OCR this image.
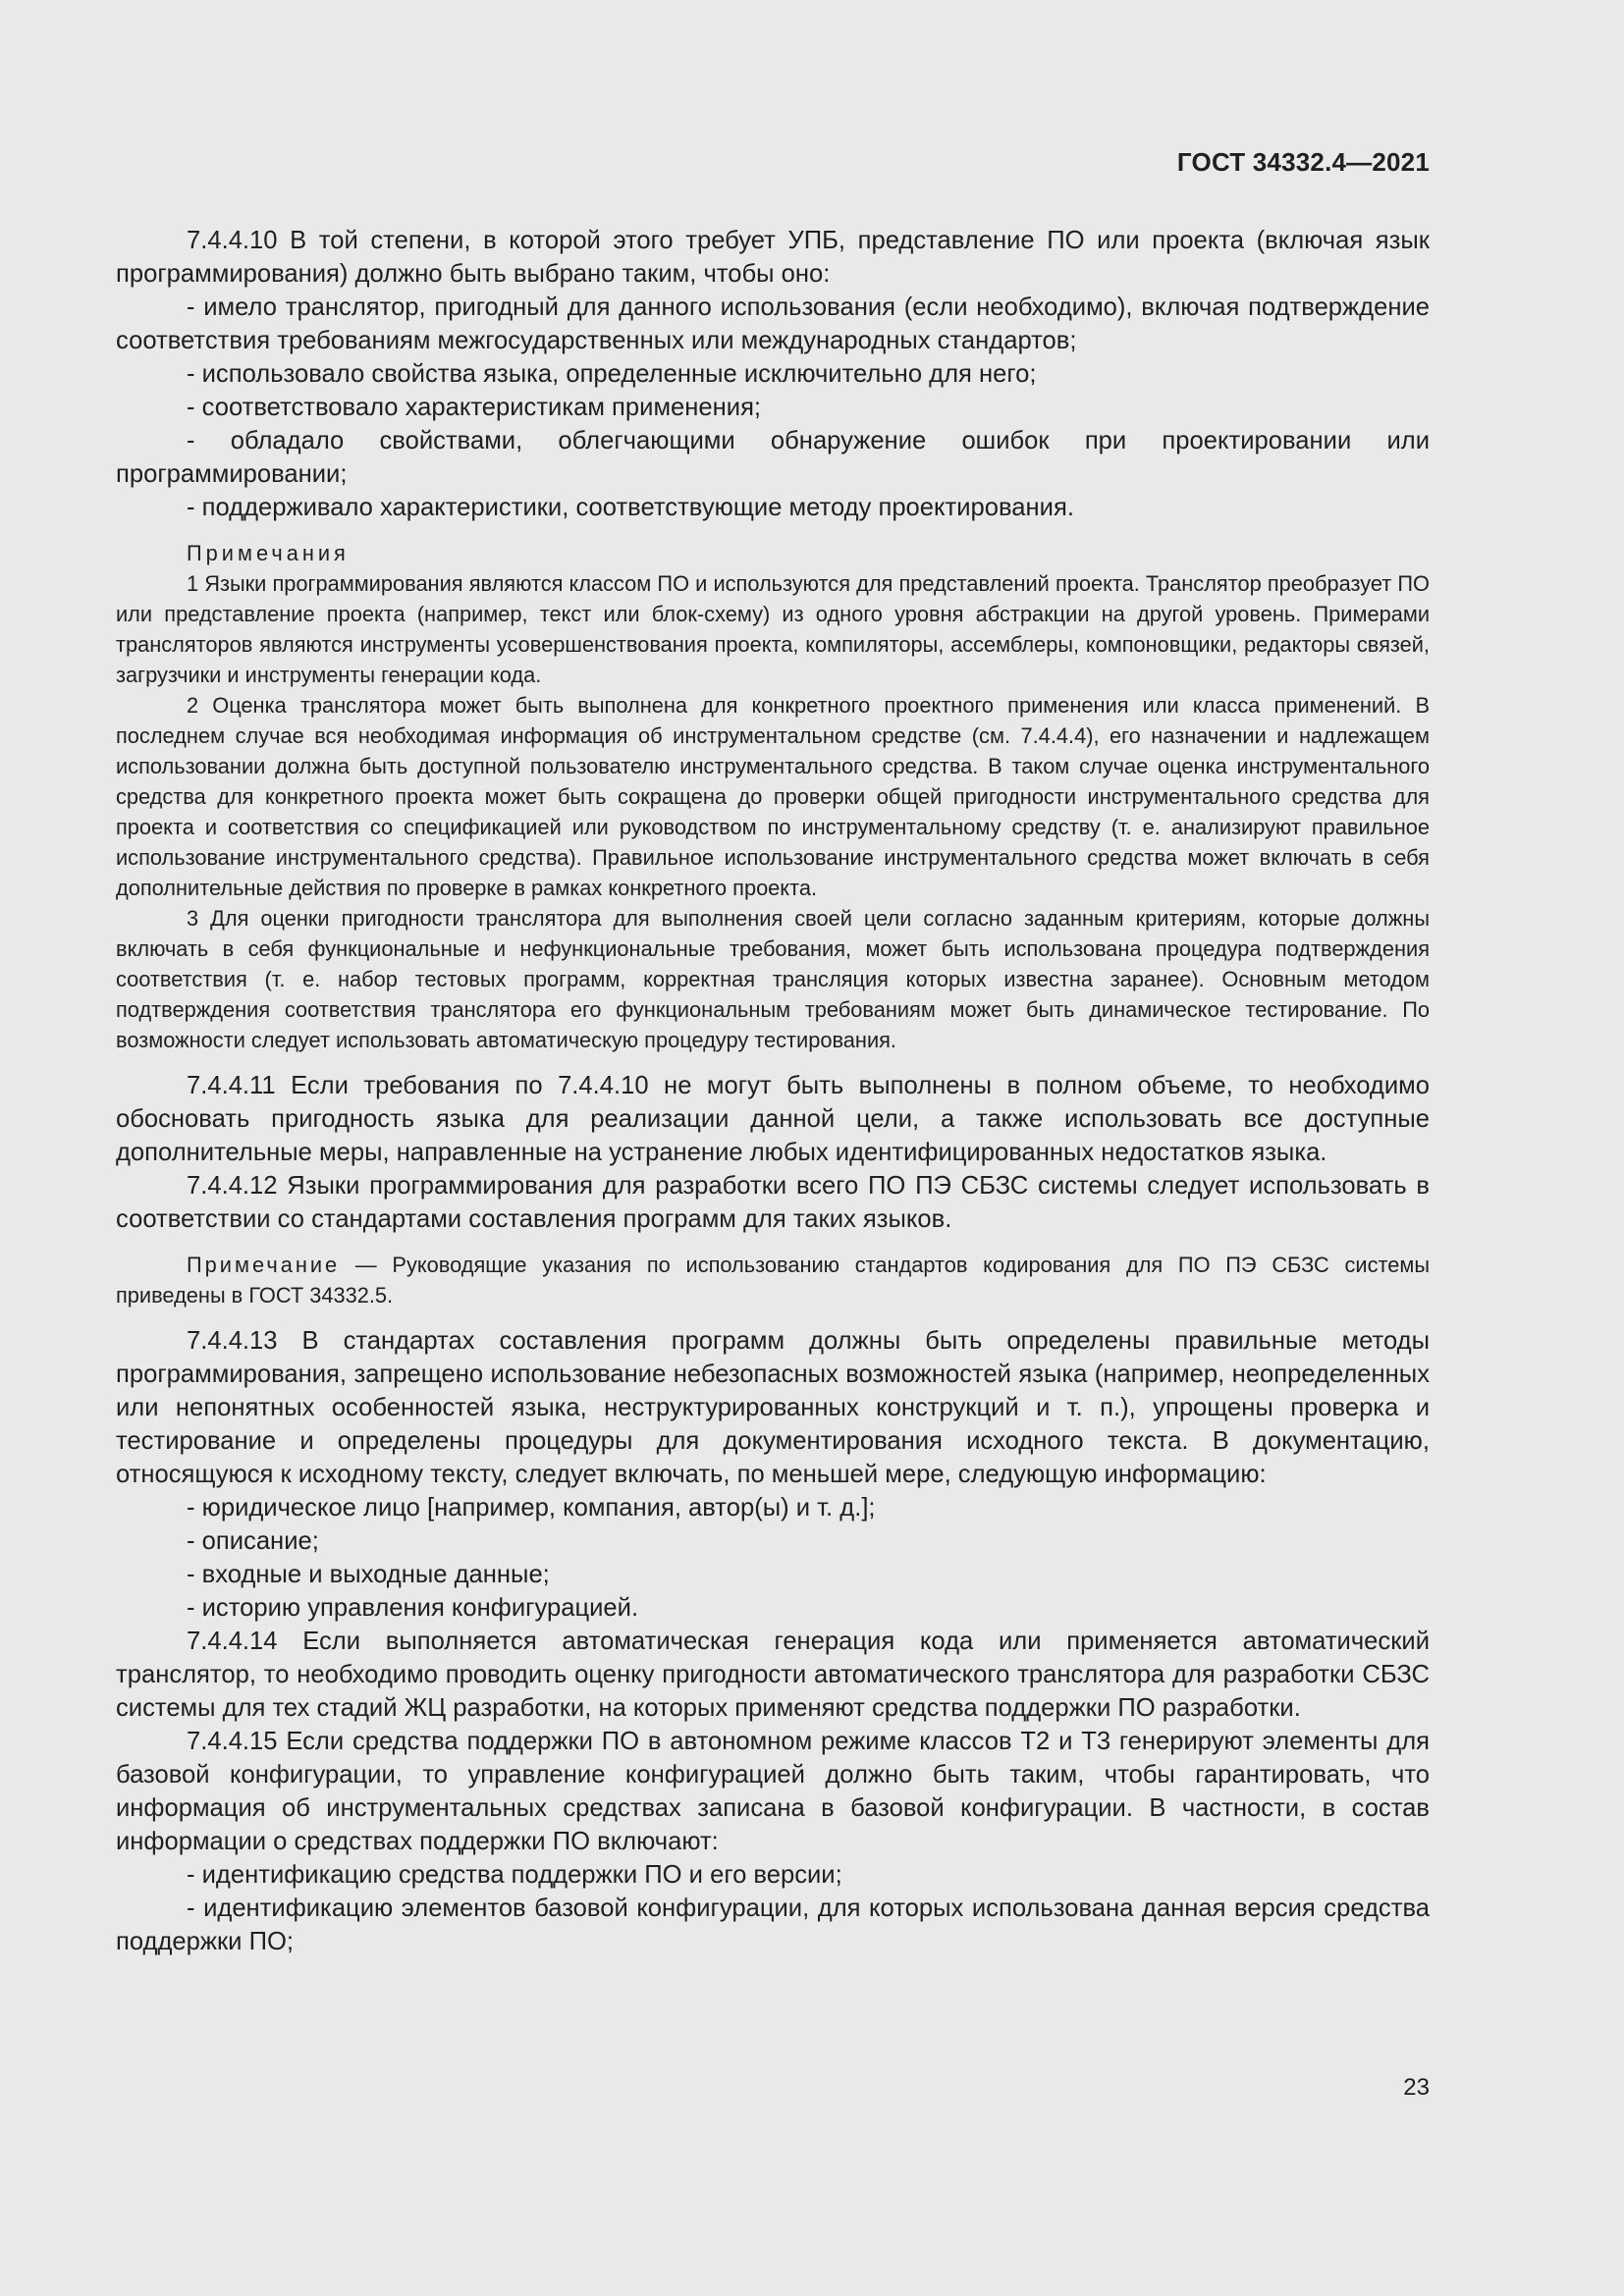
ГОСТ 34332.4—2021

7.4.4.10 В той степени, в которой этого требует УПБ, представление ПО или проекта (включая язык программирования) должно быть выбрано таким, чтобы оно:

- имело транслятор, пригодный для данного использования (если необходимо), включая подтверждение соответствия требованиям межгосударственных или международных стандартов;

- использовало свойства языка, определенные исключительно для него;

- соответствовало характеристикам применения;

- обладало свойствами, облегчающими обнаружение ошибок при проектировании или программировании;

- поддерживало характеристики, соответствующие методу проектирования.

Примечания

1 Языки программирования являются классом ПО и используются для представлений проекта. Транслятор преобразует ПО или представление проекта (например, текст или блок-схему) из одного уровня абстракции на другой уровень. Примерами трансляторов являются инструменты усовершенствования проекта, компиляторы, ассемблеры, компоновщики, редакторы связей, загрузчики и инструменты генерации кода.

2 Оценка транслятора может быть выполнена для конкретного проектного применения или класса применений. В последнем случае вся необходимая информация об инструментальном средстве (см. 7.4.4.4), его назначении и надлежащем использовании должна быть доступной пользователю инструментального средства. В таком случае оценка инструментального средства для конкретного проекта может быть сокращена до проверки общей пригодности инструментального средства для проекта и соответствия со спецификацией или руководством по инструментальному средству (т. е. анализируют правильное использование инструментального средства). Правильное использование инструментального средства может включать в себя дополнительные действия по проверке в рамках конкретного проекта.

3 Для оценки пригодности транслятора для выполнения своей цели согласно заданным критериям, которые должны включать в себя функциональные и нефункциональные требования, может быть использована процедура подтверждения соответствия (т. е. набор тестовых программ, корректная трансляция которых известна заранее). Основным методом подтверждения соответствия транслятора его функциональным требованиям может быть динамическое тестирование. По возможности следует использовать автоматическую процедуру тестирования.

7.4.4.11 Если требования по 7.4.4.10 не могут быть выполнены в полном объеме, то необходимо обосновать пригодность языка для реализации данной цели, а также использовать все доступные дополнительные меры, направленные на устранение любых идентифицированных недостатков языка.

7.4.4.12 Языки программирования для разработки всего ПО ПЭ СБЗС системы следует использовать в соответствии со стандартами составления программ для таких языков.

Примечание — Руководящие указания по использованию стандартов кодирования для ПО ПЭ СБЗС системы приведены в ГОСТ 34332.5.

7.4.4.13 В стандартах составления программ должны быть определены правильные методы программирования, запрещено использование небезопасных возможностей языка (например, неопределенных или непонятных особенностей языка, неструктурированных конструкций и т. п.), упрощены проверка и тестирование и определены процедуры для документирования исходного текста. В документацию, относящуюся к исходному тексту, следует включать, по меньшей мере, следующую информацию:

- юридическое лицо [например, компания, автор(ы) и т. д.];

- описание;

- входные и выходные данные;

- историю управления конфигурацией.

7.4.4.14 Если выполняется автоматическая генерация кода или применяется автоматический транслятор, то необходимо проводить оценку пригодности автоматического транслятора для разработки СБЗС системы для тех стадий ЖЦ разработки, на которых применяют средства поддержки ПО разработки.

7.4.4.15 Если средства поддержки ПО в автономном режиме классов Т2 и Т3 генерируют элементы для базовой конфигурации, то управление конфигурацией должно быть таким, чтобы гарантировать, что информация об инструментальных средствах записана в базовой конфигурации. В частности, в состав информации о средствах поддержки ПО включают:

- идентификацию средства поддержки ПО и его версии;

- идентификацию элементов базовой конфигурации, для которых использована данная версия средства поддержки ПО;

23
